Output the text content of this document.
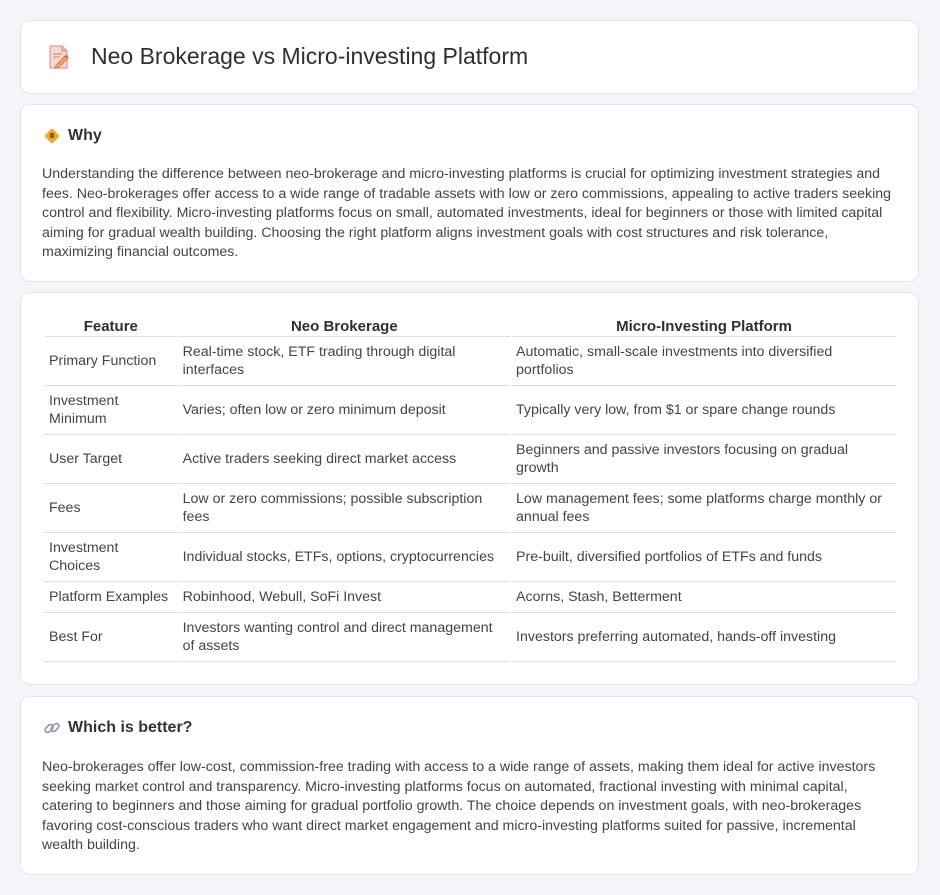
Neo Brokerage vs Micro-investing Platform
Why

Understanding the difference between neo-brokerage and micro-investing platforms is crucial for optimizing investment strategies and fees. Neo-brokerages offer access to a wide range of tradable assets with low or zero commissions, appealing to active traders seeking control and flexibility. Micro-investing platforms focus on small, automated investments, ideal for beginners or those with limited capital aiming for gradual wealth building. Choosing the right platform aligns investment goals with cost structures and risk tolerance, maximizing financial outcomes.

Feature	Neo Brokerage	Micro-Investing Platform
Primary Function	Real-time stock, ETF trading through digital interfaces	Automatic, small-scale investments into diversified portfolios
Investment Minimum	Varies; often low or zero minimum deposit	Typically very low, from $1 or spare change rounds
User Target	Active traders seeking direct market access	Beginners and passive investors focusing on gradual growth
Fees	Low or zero commissions; possible subscription fees	Low management fees; some platforms charge monthly or annual fees
Investment Choices	Individual stocks, ETFs, options, cryptocurrencies	Pre-built, diversified portfolios of ETFs and funds
Platform Examples	Robinhood, Webull, SoFi Invest	Acorns, Stash, Betterment
Best For	Investors wanting control and direct management of assets	Investors preferring automated, hands-off investing
Which is better?

Neo-brokerages offer low-cost, commission-free trading with access to a wide range of assets, making them ideal for active investors seeking market control and transparency. Micro-investing platforms focus on automated, fractional investing with minimal capital, catering to beginners and those aiming for gradual portfolio growth. The choice depends on investment goals, with neo-brokerages favoring cost-conscious traders who want direct market engagement and micro-investing platforms suited for passive, incremental wealth building.
